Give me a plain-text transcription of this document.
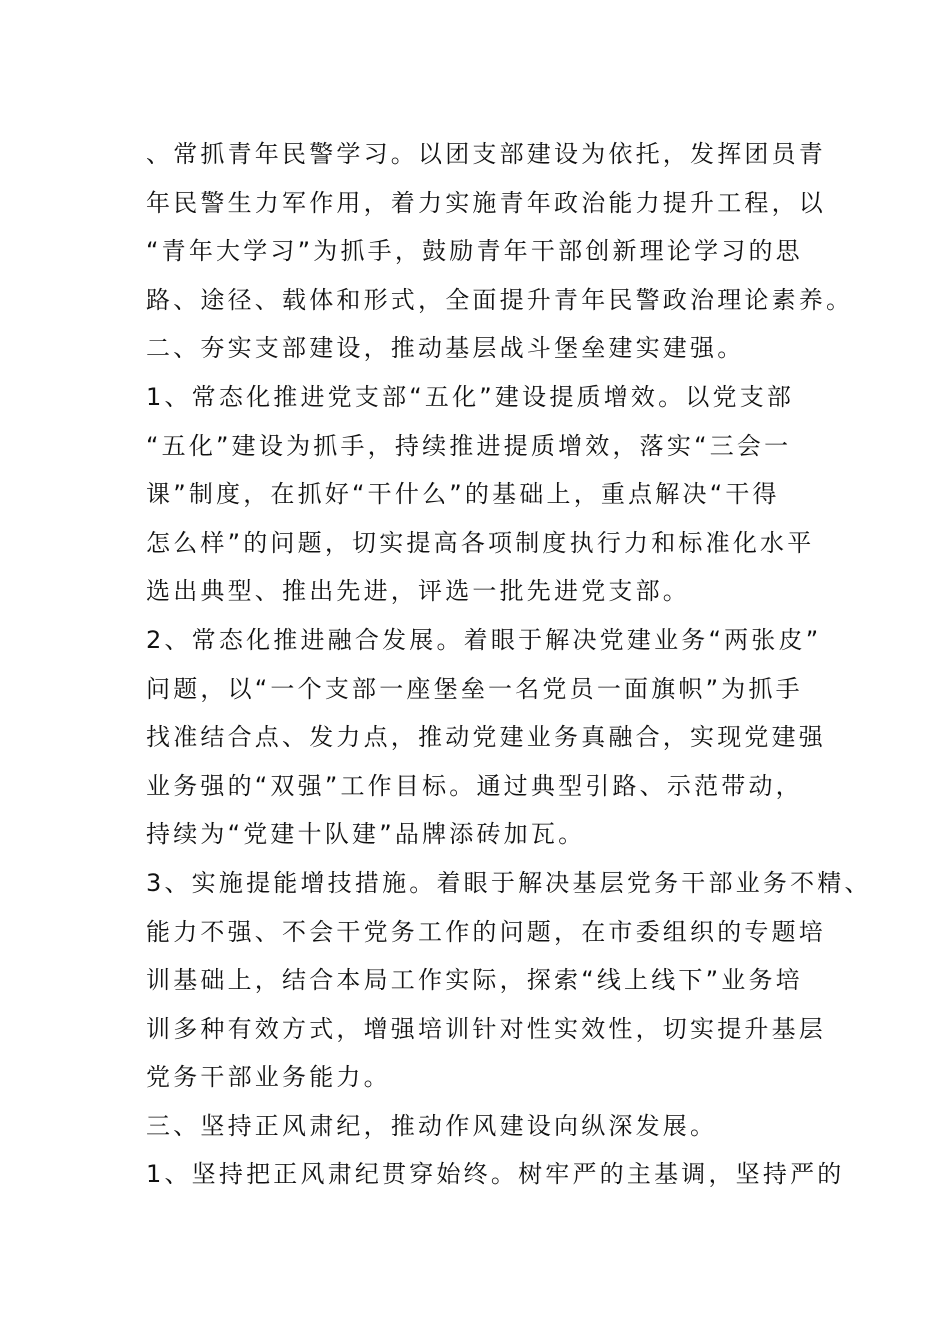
、常抓青年民警学习。以团支部建设为依托，发挥团员青
年民警生力军作用，着力实施青年政治能力提升工程，以
“青年大学习”为抓手，鼓励青年干部创新理论学习的思
路、途径、载体和形式，全面提升青年民警政治理论素养。
二、夯实支部建设，推动基层战斗堡垒建实建强。
1、常态化推进党支部“五化”建设提质增效。以党支部
“五化”建设为抓手，持续推进提质增效，落实“三会一
课”制度，在抓好“干什么”的基础上，重点解决“干得
怎么样”的问题，切实提高各项制度执行力和标准化水平
选出典型、推出先进，评选一批先进党支部。
2、常态化推进融合发展。着眼于解决党建业务“两张皮”
问题，以“一个支部一座堡垒一名党员一面旗帜”为抓手
找准结合点、发力点，推动党建业务真融合，实现党建强
业务强的“双强”工作目标。通过典型引路、示范带动，
持续为“党建十队建”品牌添砖加瓦。
3、实施提能增技措施。着眼于解决基层党务干部业务不精、
能力不强、不会干党务工作的问题，在市委组织的专题培
训基础上，结合本局工作实际，探索“线上线下”业务培
训多种有效方式，增强培训针对性实效性，切实提升基层
党务干部业务能力。
三、坚持正风肃纪，推动作风建设向纵深发展。
1、坚持把正风肃纪贯穿始终。树牢严的主基调，坚持严的
